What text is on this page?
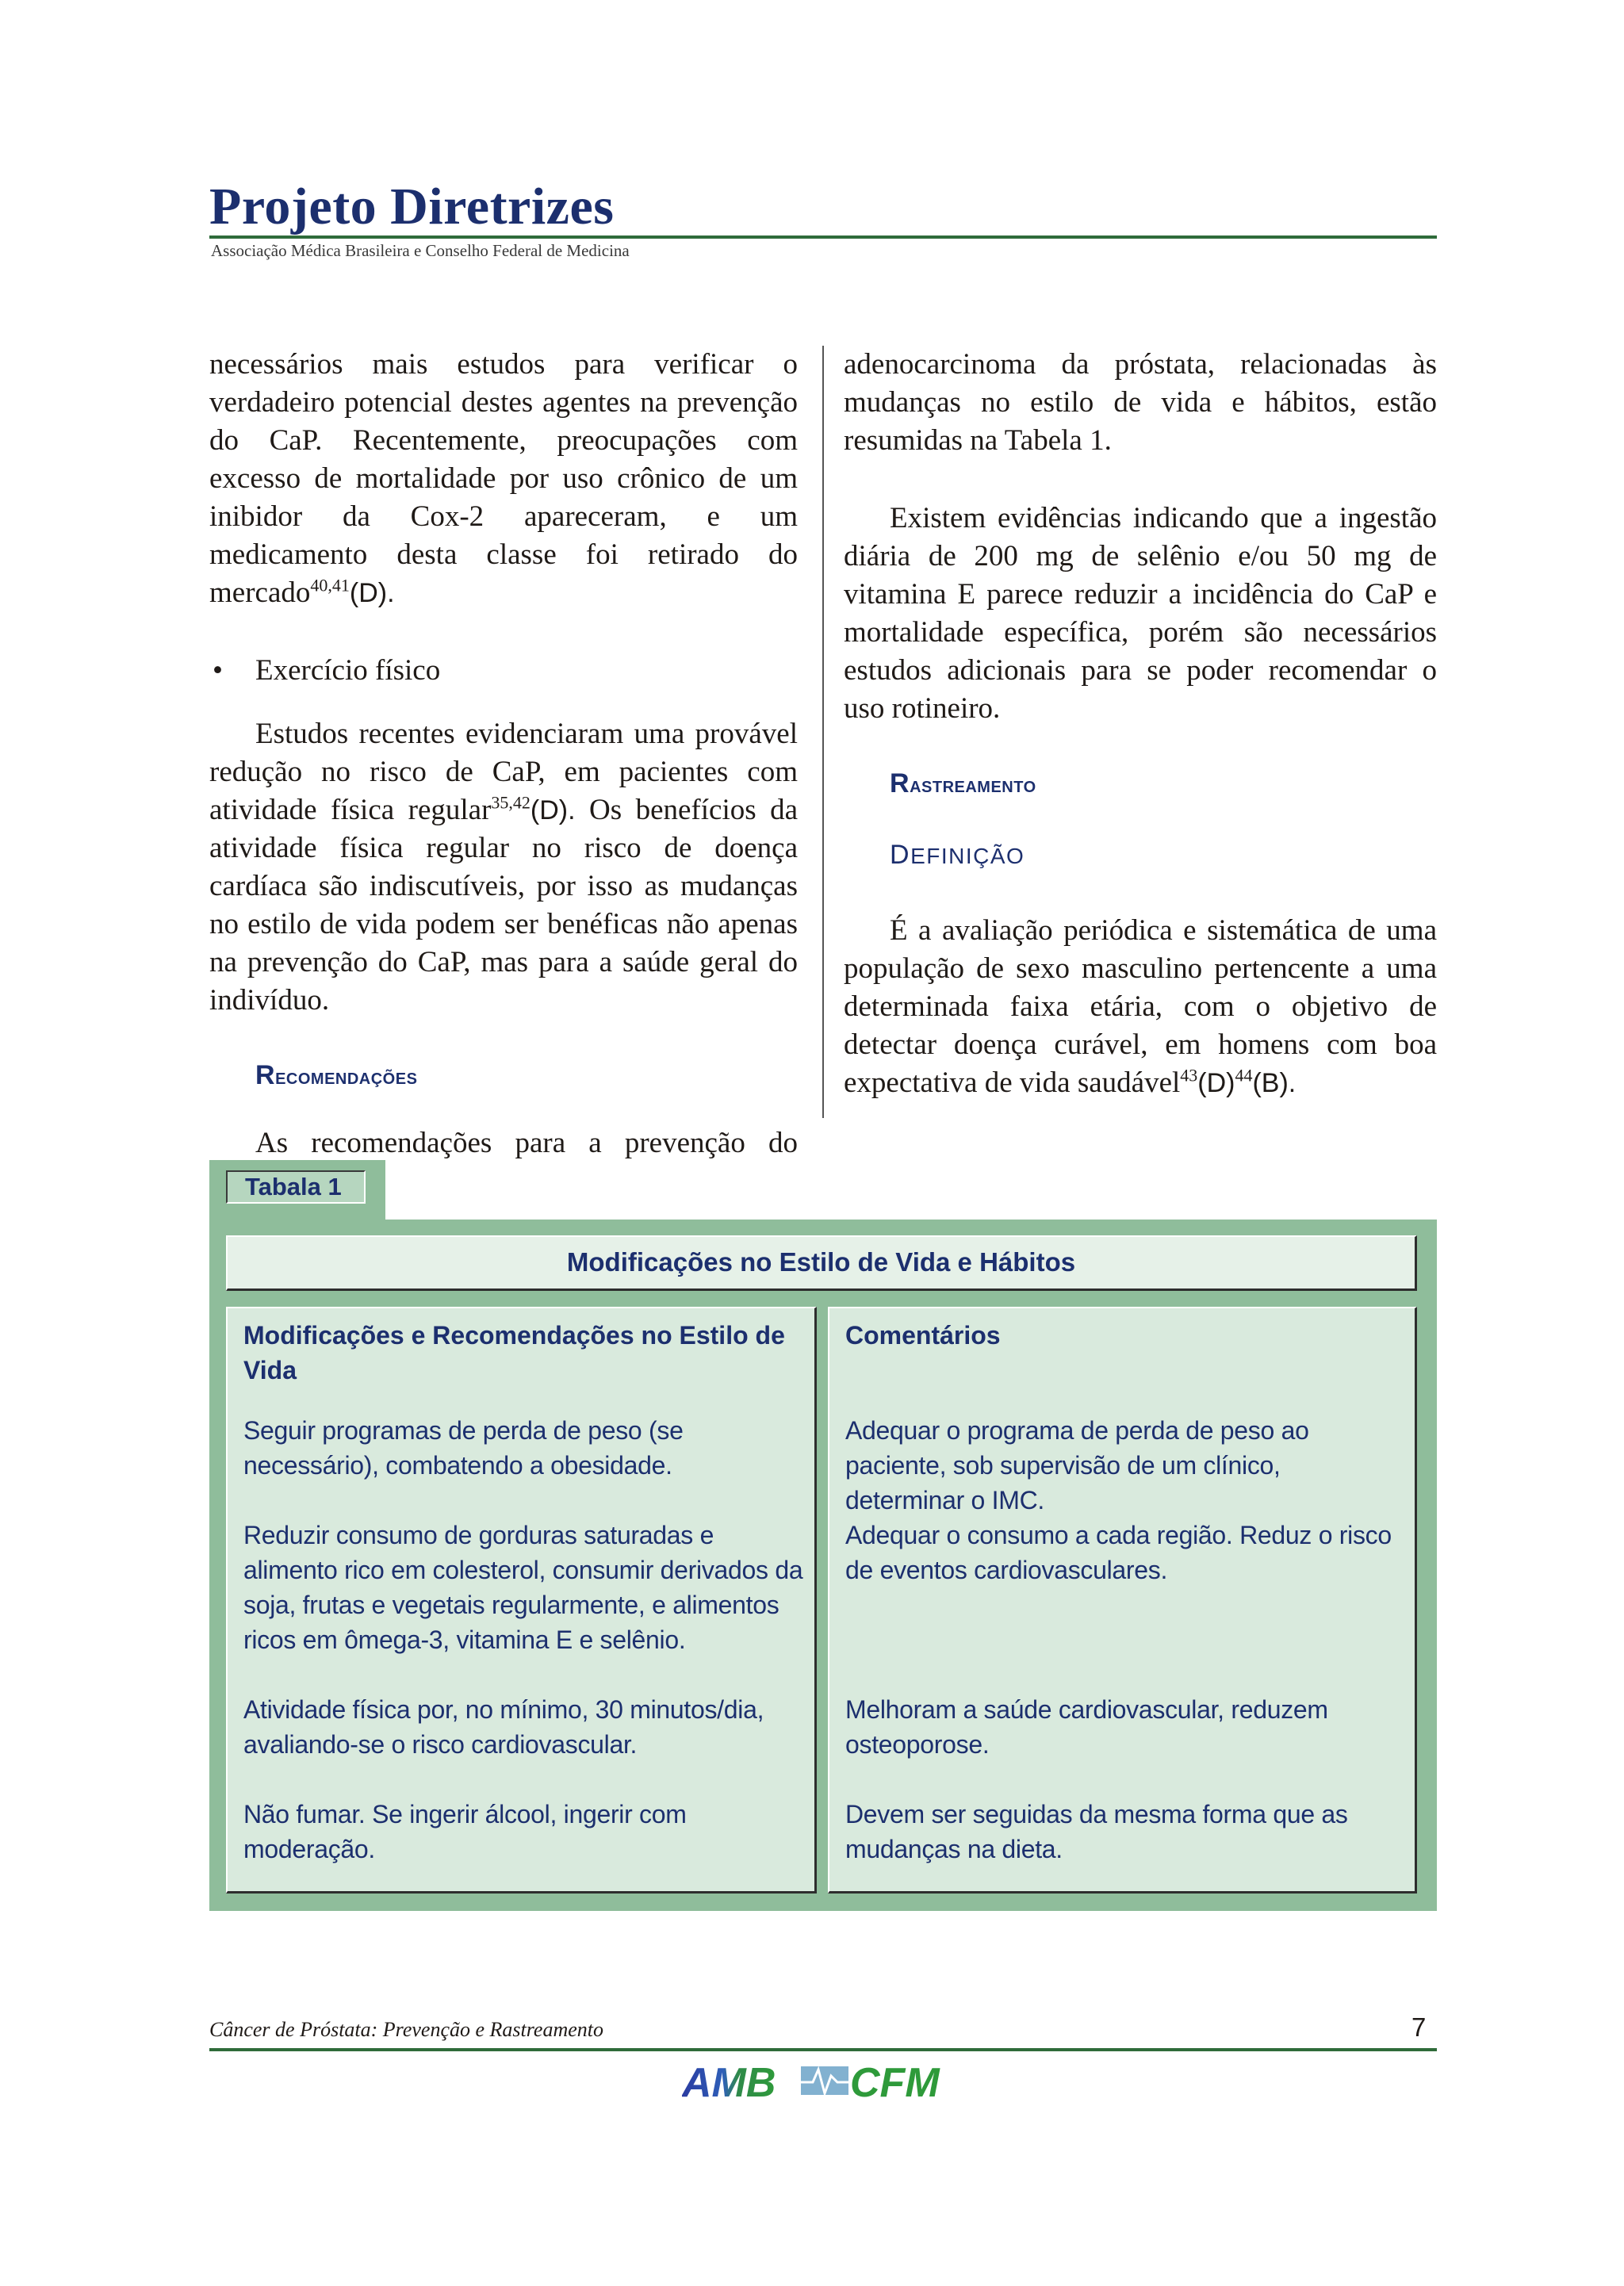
Projeto Diretrizes
Associação Médica Brasileira e Conselho Federal de Medicina

necessários mais estudos para verificar o verdadeiro potencial destes agentes na prevenção do CaP. Recentemente, preocupações com excesso de mortalidade por uso crônico de um inibidor da Cox-2 apareceram, e um medicamento desta classe foi retirado do mercado$^{40,41}$(D).

•	Exercício físico

Estudos recentes evidenciaram uma provável redução no risco de CaP, em pacientes com atividade física regular$^{35,42}$(D). Os benefícios da atividade física regular no risco de doença cardíaca são indiscutíveis, por isso as mudanças no estilo de vida podem ser benéficas não apenas na prevenção do CaP, mas para a saúde geral do indivíduo.

Recomendações

As recomendações para a prevenção do

adenocarcinoma da próstata, relacionadas às mudanças no estilo de vida e hábitos, estão resumidas na Tabela 1.

Existem evidências indicando que a ingestão diária de 200 mg de selênio e/ou 50 mg de vitamina E parece reduzir a incidência do CaP e mortalidade específica, porém são necessários estudos adicionais para se poder recomendar o uso rotineiro.

Rastreamento
DEFINIÇÃO

É a avaliação periódica e sistemática de uma população de sexo masculino pertencente a uma determinada faixa etária, com o objetivo de detectar doença curável, em homens com boa expectativa de vida $saudável^{43}(D)^{44}(B)$.

Tabala 1
Modificações no Estilo de Vida e Hábitos
Modificações e Recomendações no Estilo de Vida
Seguir programas de perda de peso (se necessário), combatendo a obesidade.
Reduzir consumo de gorduras saturadas e alimento rico em colesterol, consumir derivados da soja, frutas e vegetais regularmente, e alimentos ricos em ômega-3, vitamina E e selênio.
Atividade física por, no mínimo, 30 minutos/dia, avaliando-se o risco cardiovascular.
Não fumar. Se ingerir álcool, ingerir com moderação.
Comentários
Adequar o programa de perda de peso ao paciente, sob supervisão de um clínico, determinar o IMC.
Adequar o consumo a cada região. Reduz o risco de eventos cardiovasculares.
Melhoram a saúde cardiovascular, reduzem osteoporose.
Devem ser seguidas da mesma forma que as mudanças na dieta.
Câncer de Próstata: Prevenção e Rastreamento	7
AMB CFM
